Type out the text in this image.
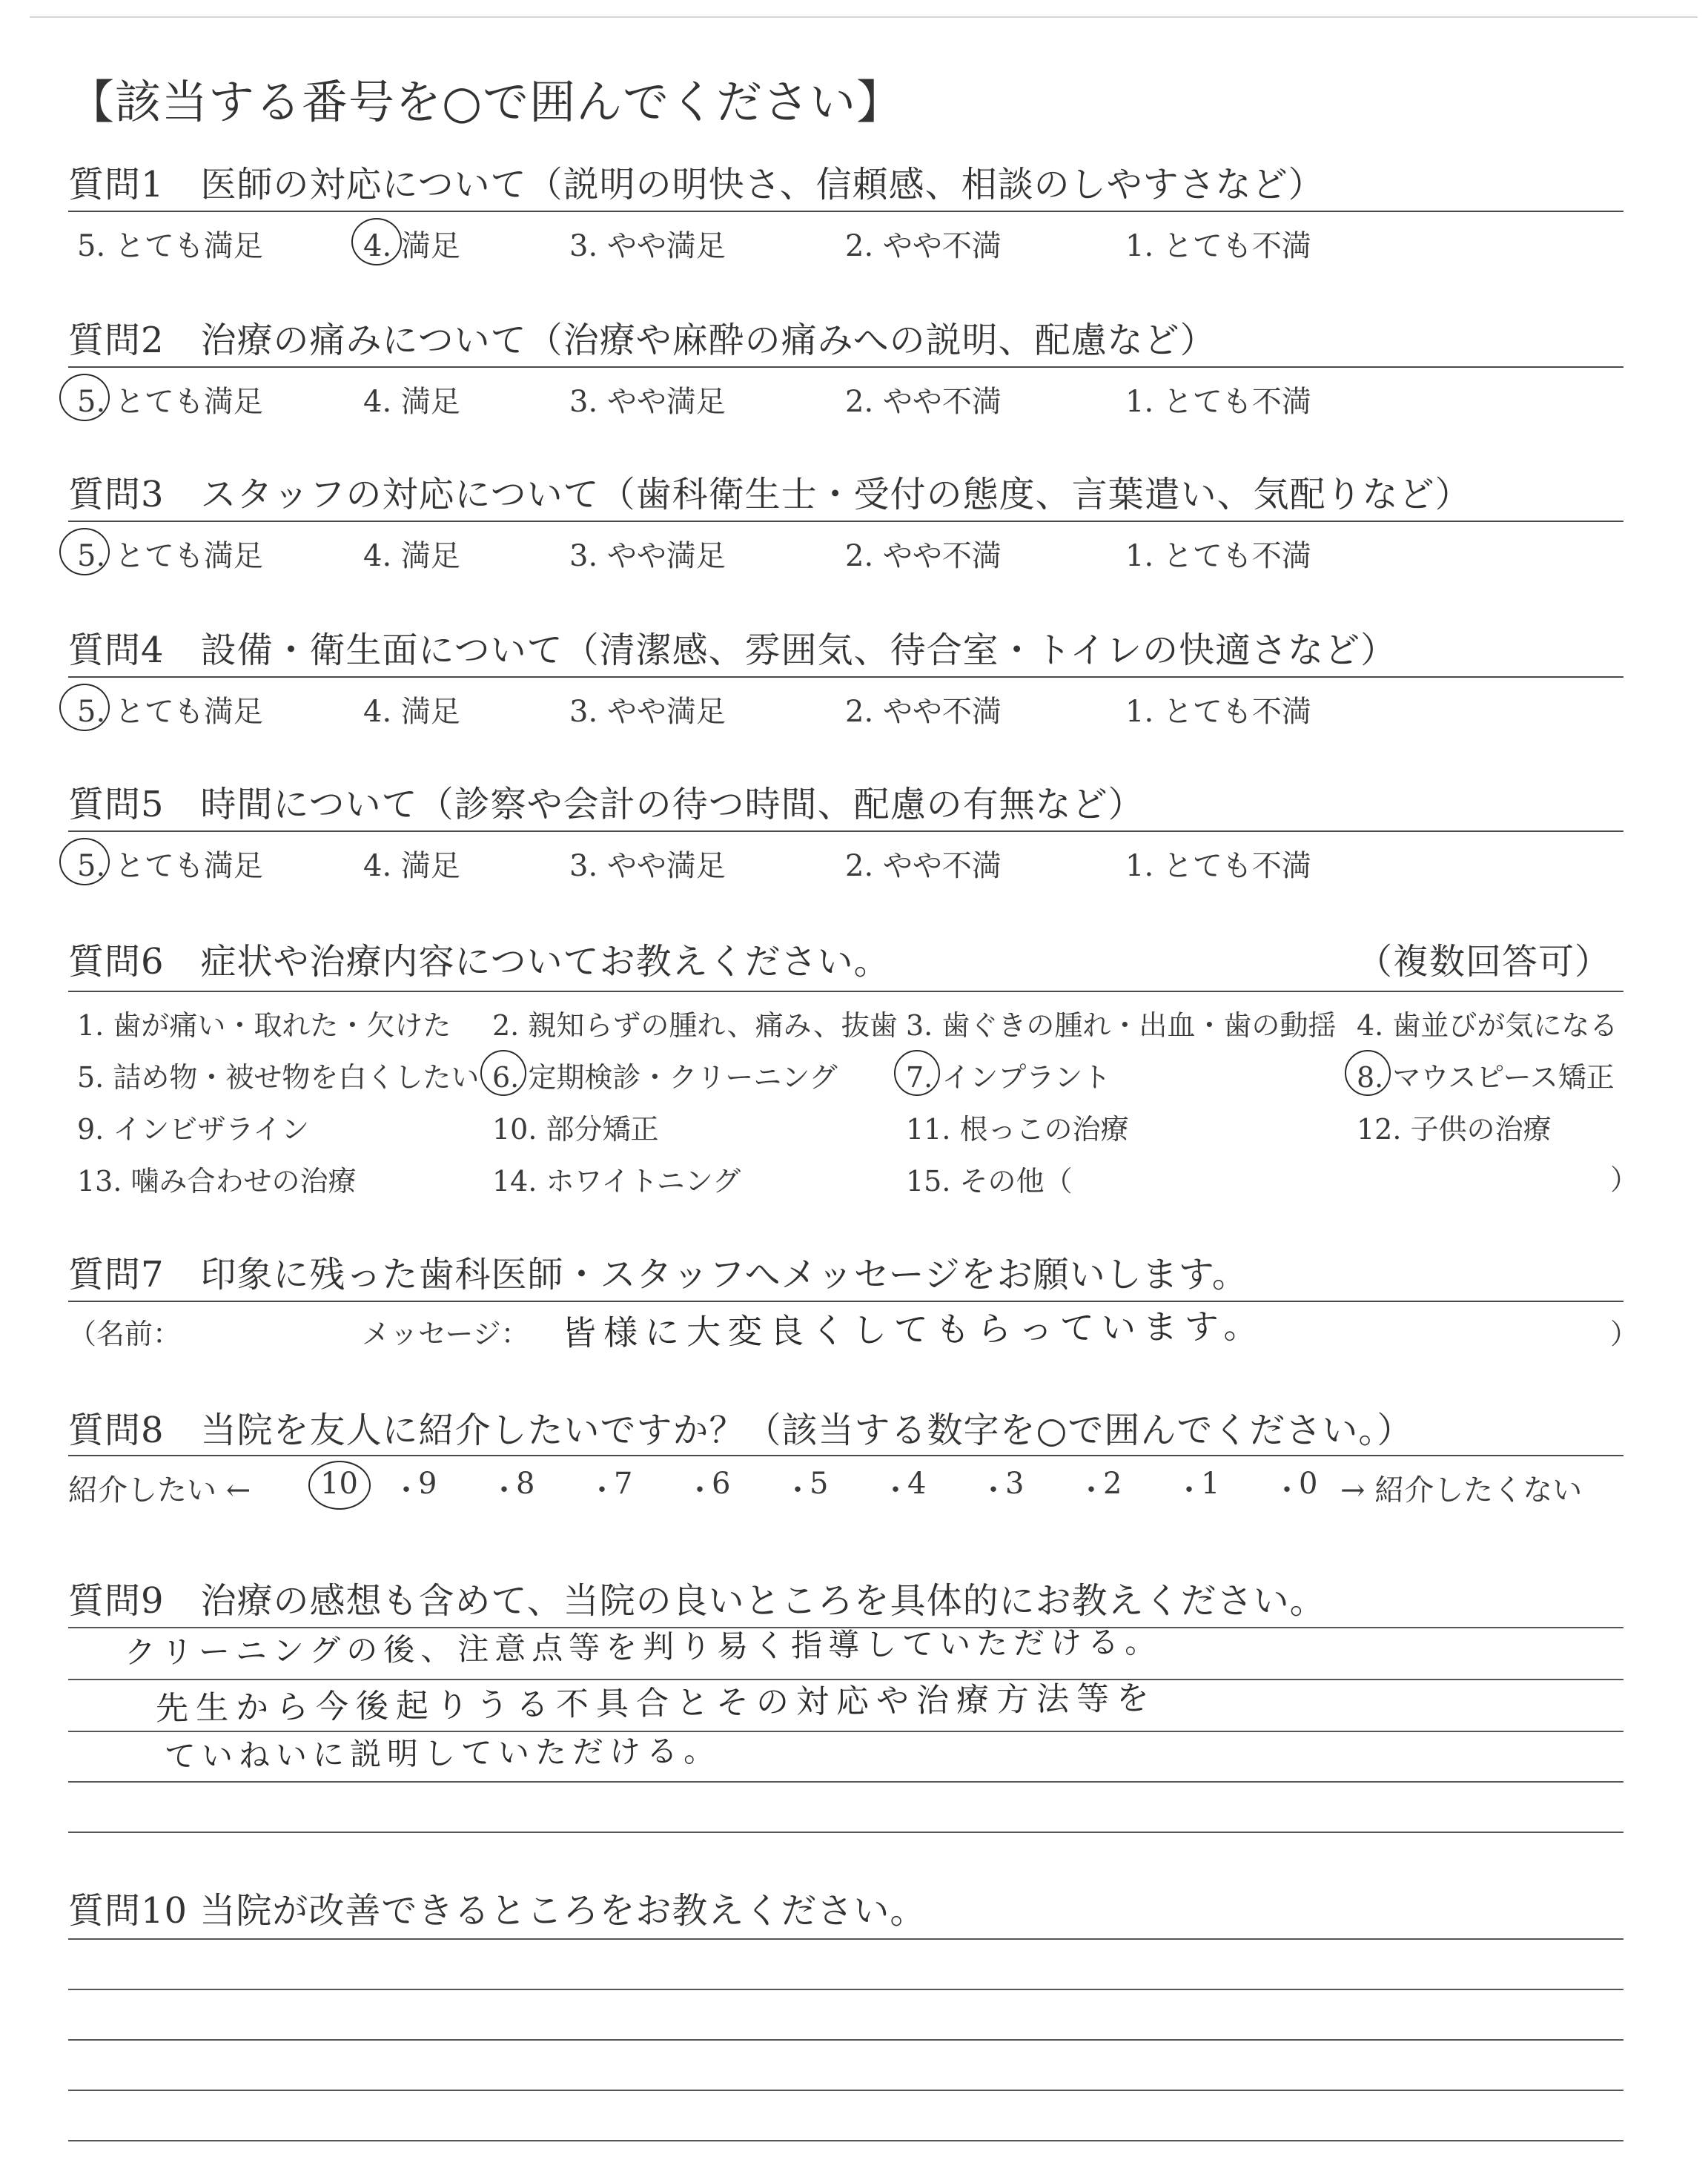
【該当する番号を○で囲んでください】
質問1　医師の対応について（説明の明快さ、信頼感、相談のしやすさなど）
5. とても満足	4. 満足	3. やや満足	2. やや不満	1. とても不満
質問2　治療の痛みについて（治療や麻酔の痛みへの説明、配慮など）
5. とても満足	4. 満足	3. やや満足	2. やや不満	1. とても不満
質問3　スタッフの対応について（歯科衛生士・受付の態度、言葉遣い、気配りなど）
5. とても満足	4. 満足	3. やや満足	2. やや不満	1. とても不満
質問4　設備・衛生面について（清潔感、雰囲気、待合室・トイレの快適さなど）
5. とても満足	4. 満足	3. やや満足	2. やや不満	1. とても不満
質問5　時間について（診察や会計の待つ時間、配慮の有無など）
5. とても満足	4. 満足	3. やや満足	2. やや不満	1. とても不満
質問6　症状や治療内容についてお教えください。	（複数回答可）
1. 歯が痛い・取れた・欠けた 2. 親知らずの腫れ、痛み、抜歯 3. 歯ぐきの腫れ・出血・歯の動揺 4. 歯並びが気になる
5. 詰め物・被せ物を白くしたい 6. 定期検診・クリーニング 7. インプラント	8. マウスピース矯正
9. インビザライン	10. 部分矯正	11. 根っこの治療	12. 子供の治療
13. 噛み合わせの治療	14. ホワイトニング	15. その他（	）
質問7　印象に残った歯科医師・スタッフへメッセージをお願いします。
（名前：	メッセージ： 皆様に大変良くしてもらっています。	）
質問8　当院を友人に紹介したいですか？（該当する数字を○で囲んでください。）
紹介したい ← 10 ・
9 ・
8 ・
7 ・
6 ・
5 ・
4 ・
3 ・
2 ・
1 ・
0 → 紹介したくない
質問9　治療の感想も含めて、当院の良いところを具体的にお教えください。
クリーニングの後、注意点等を判り易く指導していただける。
先生から今後起りうる不具合とその対応や治療方法等を
ていねいに説明していただける。
質問10 当院が改善できるところをお教えください。
